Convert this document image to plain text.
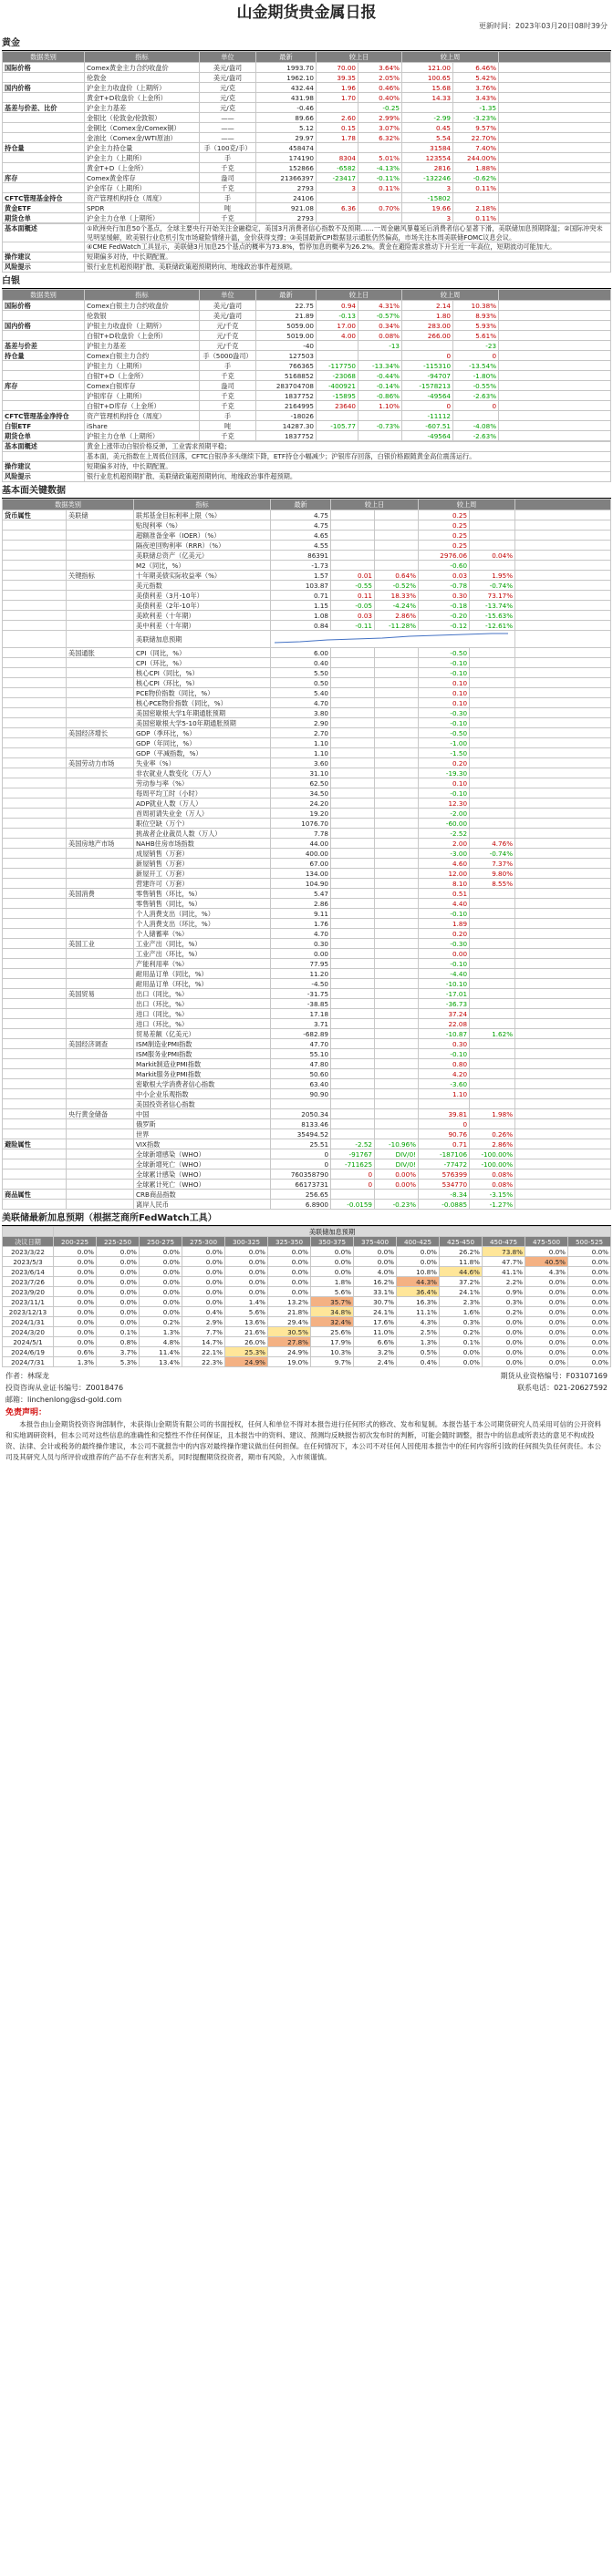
山金期货贵金属日报
更新时间：2023年03月20日08时39分
黄金
数据类别	指标	单位	最新	较上日		较上周		
国际价格	Comex黄金主力合约收盘价	美元/盎司	1993.70	70.00	3.64%	121.00	6.46%	
	伦敦金	美元/盎司	1962.10	39.35	2.05%	100.65	5.42%	
国内价格	沪金主力收盘价（上期所）	元/克	432.44	1.96	0.46%	15.68	3.76%	
	黄金T+D收盘价（上金所）	元/克	431.98	1.70	0.40%	14.33	3.43%	
基差与价差、比价	沪金主力基差	元/克	-0.46		-0.25		-1.35	
	金银比（伦敦金/伦敦银）	——	89.66	2.60	2.99%	-2.99	-3.23%	
	金铜比（Comex金/Comex铜）	——	5.12	0.15	3.07%	0.45	9.57%	
	金油比（Comex金/WTI原油）	——	29.97	1.78	6.32%	5.54	22.70%	
持仓量	沪金主力持仓量	手（100克/手）	458474			31584	7.40%	
	沪金主力（上期所）	手	174190	8304	5.01%	123554	244.00%	
	黄金T+D（上金所）	千克	152866	-6582	-4.13%	2816	1.88%	
库存	Comex黄金库存	盎司	21366397	-23417	-0.11%	-132246	-0.62%	
	沪金库存（上期所）	千克	2793	3	0.11%	3	0.11%	
CFTC管理基金持仓	资产管理机构持仓（周度）	手	24106			-15802		
黄金ETF	SPDR	吨	921.08	6.36	0.70%	19.66	2.18%	
期货仓单	沪金主力仓单（上期所）	千克	2793			3	0.11%	
基本面概述	①欧洲央行加息50个基点，全球主要央行开始关注金融稳定，美国3月消费者信心指数不及预期……一周金融风暴蔓延后消费者信心显著下滑，美联储加息预期降温；②国际冲突未见明显缓解，欧美银行业危机引发市场避险情绪升温，金价获得支撑；③美国最新CPI数据显示通胀仍然偏高，市场关注本周美联储FOMC议息会议。
	④CME FedWatch工具显示，美联储3月加息25个基点的概率为73.8%，暂停加息的概率为26.2%。黄金在避险需求推动下升至近一年高位，短期波动可能加大。
操作建议	短期偏多对待，中长期配置。
风险提示	银行业危机超预期扩散、美联储政策超预期转向、地缘政治事件超预期。
白银
数据类别	指标	单位	最新	较上日		较上周		
国际价格	Comex白银主力合约收盘价	美元/盎司	22.75	0.94	4.31%	2.14	10.38%	
	伦敦银	美元/盎司	21.89	-0.13	-0.57%	1.80	8.93%	
国内价格	沪银主力收盘价（上期所）	元/千克	5059.00	17.00	0.34%	283.00	5.93%	
	白银T+D收盘价（上金所）	元/千克	5019.00	4.00	0.08%	266.00	5.61%	
基差与价差	沪银主力基差	元/千克	-40		-13		-23	
持仓量	Comex白银主力合约	手（5000盎司）	127503			0	0	
	沪银主力（上期所）	手	766365	-117750	-13.34%	-115310	-13.54%	
	白银T+D（上金所）	千克	5168852	-23068	-0.44%	-94707	-1.80%	
库存	Comex白银库存	盎司	283704708	-400921	-0.14%	-1578213	-0.55%	
	沪银库存（上期所）	千克	1837752	-15895	-0.86%	-49564	-2.63%	
	白银T+D库存（上金所）	千克	2164995	23640	1.10%	0	0	
CFTC管理基金净持仓	资产管理机构持仓（周度）	手	-18026			-11112		
白银ETF	iShare	吨	14287.30	-105.77	-0.73%	-607.51	-4.08%	
期货仓单	沪银主力仓单（上期所）	千克	1837752			-49564	-2.63%	
基本面概述	黄金上涨带动白银价格反弹，工业需求预期平稳；
	基本面，美元指数在上周低位回落，CFTC白银净多头继续下降，ETF持仓小幅减少；沪银库存回落，白银价格跟随黄金高位震荡运行。
操作建议	短期偏多对待，中长期配置。
风险提示	银行业危机超预期扩散、美联储政策超预期转向、地缘政治事件超预期。
基本面关键数据
数据类别		指标	最新	较上日		较上周		
货币属性	美联储	联邦基金目标利率上限（%）	4.75			0.25		
		贴现利率（%）	4.75			0.25		
		超额准备金率（IOER）（%）	4.65			0.25		
		隔夜逆回购利率（RRR）（%）	4.55			0.25		
		美联储总资产（亿美元）	86391			2976.06	0.04%	
		M2（同比，%）	-1.73			-0.60		
	关键指标	十年期美债实际收益率（%）	1.57	0.01	0.64%	0.03	1.95%	
		美元指数	103.87	-0.55	-0.52%	-0.78	-0.74%	
		美债利差（3月-10年）	0.71	0.11	18.33%	0.30	73.17%	
		美债利差（2年-10年）	1.15	-0.05	-4.24%	-0.18	-13.74%	
		美欧利差（十年期）	1.08	0.03	2.86%	-0.20	-15.63%	
		美中利差（十年期）	0.84	-0.11	-11.28%	-0.12	-12.61%	
		美联储加息预期		
	美国通胀	CPI（同比，%）	6.00			-0.50		
		CPI（环比，%）	0.40			-0.10		
		核心CPI（同比，%）	5.50			-0.10		
		核心CPI（环比，%）	0.50			0.10		
		PCE物价指数（同比，%）	5.40			0.10		
		核心PCE物价指数（同比，%）	4.70			0.10		
		美国密歇根大学1年期通胀预期	3.80			-0.30		
		美国密歇根大学5-10年期通胀预期	2.90			-0.10		
	美国经济增长	GDP（季环比，%）	2.70			-0.50		
		GDP（年同比，%）	1.10			-1.00		
		GDP（平减指数，%）	1.10			-1.50		
	美国劳动力市场	失业率（%）	3.60			0.20		
		非农就业人数变化（万人）	31.10			-19.30		
		劳动参与率（%）	62.50			0.10		
		每周平均工时（小时）	34.50			-0.10		
		ADP就业人数（万人）	24.20			12.30		
		首周初请失业金（万人）	19.20			-2.00		
		职位空缺（万个）	1076.70			-60.00		
		挑战者企业裁员人数（万人）	7.78			-2.52		
	美国房地产市场	NAHB住房市场指数	44.00			2.00	4.76%	
		成屋销售（万套）	400.00			-3.00	-0.74%	
		新屋销售（万套）	67.00			4.60	7.37%	
		新屋开工（万套）	134.00			12.00	9.80%	
		营建许可（万套）	104.90			8.10	8.55%	
	美国消费	零售销售（环比，%）	5.47			0.51		
		零售销售（同比，%）	2.86			4.40		
		个人消费支出（同比，%）	9.11			-0.10		
		个人消费支出（环比，%）	1.76			1.89		
		个人储蓄率（%）	4.70			0.20		
	美国工业	工业产出（同比，%）	0.30			-0.30		
		工业产出（环比，%）	0.00			0.00		
		产能利用率（%）	77.95			-0.10		
		耐用品订单（同比，%）	11.20			-4.40		
		耐用品订单（环比，%）	-4.50			-10.10		
	美国贸易	出口（同比，%）	-31.75			-17.01		
		出口（环比，%）	-38.85			-36.73		
		进口（同比，%）	17.18			37.24		
		进口（环比，%）	3.71			22.08		
		贸易差额（亿美元）	-682.89			-10.87	1.62%	
	美国经济调查	ISM制造业PMI指数	47.70			0.30		
		ISM服务业PMI指数	55.10			-0.10		
		Markit制造业PMI指数	47.80			0.80		
		Markit服务业PMI指数	50.60			4.20		
		密歇根大学消费者信心指数	63.40			-3.60		
		中小企业乐观指数	90.90			1.10		
		美国投资者信心指数						
	央行黄金储备	中国	2050.34			39.81	1.98%	
		俄罗斯	8133.46			0		
		世界	35494.52			90.76	0.26%	
避险属性		VIX指数	25.51	-2.52	-10.96%	0.71	2.86%	
		全球新增感染（WHO）	0	-91767	DIV/0!	-187106	-100.00%	
		全球新增死亡（WHO）	0	-711625	DIV/0!	-77472	-100.00%	
		全球累计感染（WHO）	760358790	0	0.00%	576399	0.08%	
		全球累计死亡（WHO）	66173731	0	0.00%	534770	0.08%	
商品属性		CRB商品指数	256.65			-8.34	-3.15%	
		离岸人民币	6.8900	-0.0159	-0.23%	-0.0885	-1.27%	
美联储最新加息预期（根据芝商所FedWatch工具）
	美联储加息预期												
决议日期	200-225	225-250	250-275	275-300	300-325	325-350	350-375	375-400	400-425	425-450	450-475	475-500	500-525
2023/3/22	0.0%	0.0%	0.0%	0.0%	0.0%	0.0%	0.0%	0.0%	0.0%	26.2%	73.8%	0.0%	0.0%
2023/5/3	0.0%	0.0%	0.0%	0.0%	0.0%	0.0%	0.0%	0.0%	0.0%	11.8%	47.7%	40.5%	0.0%
2023/6/14	0.0%	0.0%	0.0%	0.0%	0.0%	0.0%	0.0%	4.0%	10.8%	44.6%	41.1%	4.3%	0.0%
2023/7/26	0.0%	0.0%	0.0%	0.0%	0.0%	0.0%	1.8%	16.2%	44.3%	37.2%	2.2%	0.0%	0.0%
2023/9/20	0.0%	0.0%	0.0%	0.0%	0.0%	0.0%	5.6%	33.1%	36.4%	24.1%	0.9%	0.0%	0.0%
2023/11/1	0.0%	0.0%	0.0%	0.0%	1.4%	13.2%	35.7%	30.7%	16.3%	2.3%	0.3%	0.0%	0.0%
2023/12/13	0.0%	0.0%	0.0%	0.4%	5.6%	21.8%	34.8%	24.1%	11.1%	1.6%	0.2%	0.0%	0.0%
2024/1/31	0.0%	0.0%	0.2%	2.9%	13.6%	29.4%	32.4%	17.6%	4.3%	0.3%	0.0%	0.0%	0.0%
2024/3/20	0.0%	0.1%	1.3%	7.7%	21.6%	30.5%	25.6%	11.0%	2.5%	0.2%	0.0%	0.0%	0.0%
2024/5/1	0.0%	0.8%	4.8%	14.7%	26.0%	27.8%	17.9%	6.6%	1.3%	0.1%	0.0%	0.0%	0.0%
2024/6/19	0.6%	3.7%	11.4%	22.1%	25.3%	24.9%	10.3%	3.2%	0.5%	0.0%	0.0%	0.0%	0.0%
2024/7/31	1.3%	5.3%	13.4%	22.3%	24.9%	19.0%	9.7%	2.4%	0.4%	0.0%	0.0%	0.0%	0.0%
作者：林琛龙	期货从业资格编号：F03107169
投资咨询从业证书编号：Z0018476	联系电话：021-20627592
邮箱：linchenlong@sd-gold.com
免责声明：
本报告由山金期货投资咨询部制作，未获得山金期货有限公司的书面授权，任何人和单位不得对本报告进行任何形式的修改、发布和复制。本报告基于本公司期货研究人员采用可信的公开资料和实地调研资料，但本公司对这些信息的准确性和完整性不作任何保证，且本报告中的资料、建议、预测均反映报告初次发布时的判断，可能会随时调整，报告中的信息或所表达的意见不构成投资、法律、会计或税务的最终操作建议，本公司不就报告中的内容对最终操作建议做出任何担保。在任何情况下，本公司不对任何人因使用本报告中的任何内容所引致的任何损失负任何责任。本公司及其研究人员与所评价或推荐的产品不存在利害关系，同时提醒期货投资者，期市有风险，入市须谨慎。
